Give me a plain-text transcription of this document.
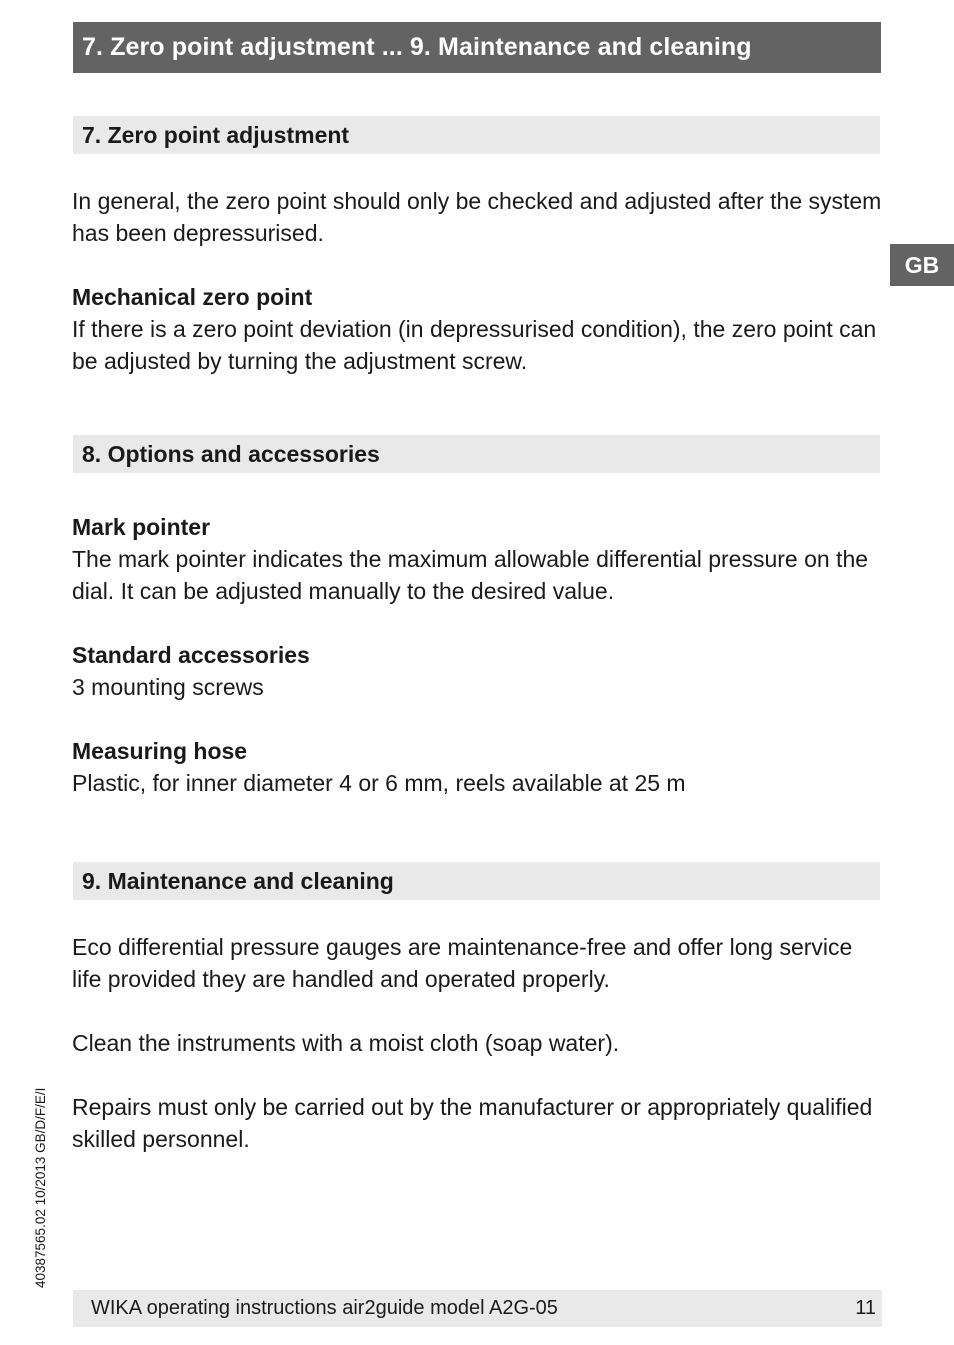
7. Zero point adjustment ... 9. Maintenance and cleaning
GB
7. Zero point adjustment

In general, the zero point should only be checked and adjusted after the system has been depressurised.

Mechanical zero point

If there is a zero point deviation (in depressurised condition), the zero point can be adjusted by turning the adjustment screw.

8. Options and accessories

Mark pointer

The mark pointer indicates the maximum allowable differential pressure on the dial. It can be adjusted manually to the desired value.

Standard accessories

3 mounting screws

Measuring hose

Plastic, for inner diameter 4 or 6 mm, reels available at 25 m

9. Maintenance and cleaning

Eco differential pressure gauges are maintenance-free and offer long service life provided they are handled and operated properly.

Clean the instruments with a moist cloth (soap water).

Repairs must only be carried out by the manufacturer or appropriately qualified skilled personnel.

40387565.02 10/2013 GB/D/F/E/I
WIKA operating instructions air2guide model A2G-05	11
